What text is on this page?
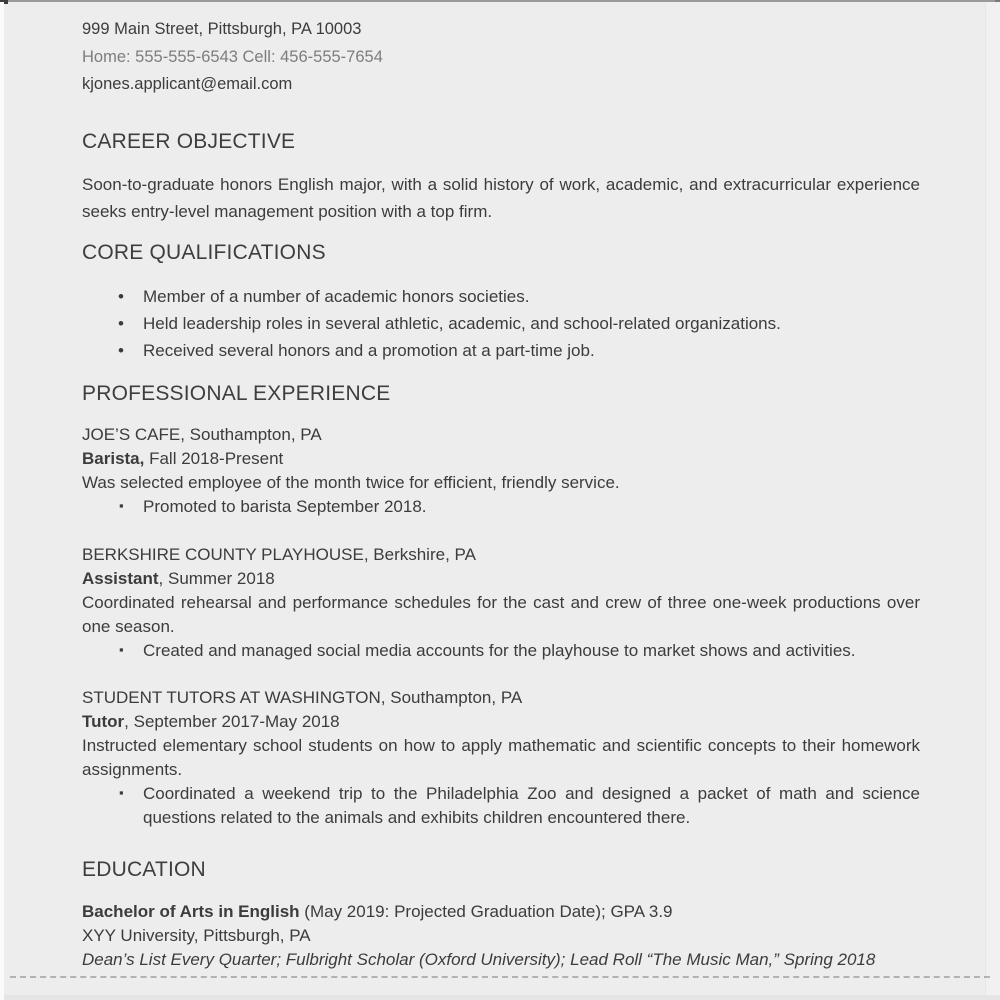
999 Main Street, Pittsburgh, PA 10003
Home: 555-555-6543 Cell: 456-555-7654
kjones.applicant@email.com
CAREER OBJECTIVE
Soon-to-graduate honors English major, with a solid history of work, academic, and extracurricular experience seeks entry-level management position with a top firm.
CORE QUALIFICATIONS
• Member of a number of academic honors societies.
• Held leadership roles in several athletic, academic, and school-related organizations.
• Received several honors and a promotion at a part-time job.
PROFESSIONAL EXPERIENCE
JOE’S CAFE, Southampton, PA
Barista, Fall 2018-Present
Was selected employee of the month twice for efficient, friendly service.
▪ Promoted to barista September 2018.
BERKSHIRE COUNTY PLAYHOUSE, Berkshire, PA
Assistant, Summer 2018
Coordinated rehearsal and performance schedules for the cast and crew of three one-week productions over one season.
▪ Created and managed social media accounts for the playhouse to market shows and activities.
STUDENT TUTORS AT WASHINGTON, Southampton, PA
Tutor, September 2017-May 2018
Instructed elementary school students on how to apply mathematic and scientific concepts to their homework assignments.
▪ Coordinated a weekend trip to the Philadelphia Zoo and designed a packet of math and science questions related to the animals and exhibits children encountered there.
EDUCATION
Bachelor of Arts in English (May 2019: Projected Graduation Date); GPA 3.9
XYY University, Pittsburgh, PA
Dean’s List Every Quarter; Fulbright Scholar (Oxford University); Lead Roll “The Music Man,” Spring 2018
